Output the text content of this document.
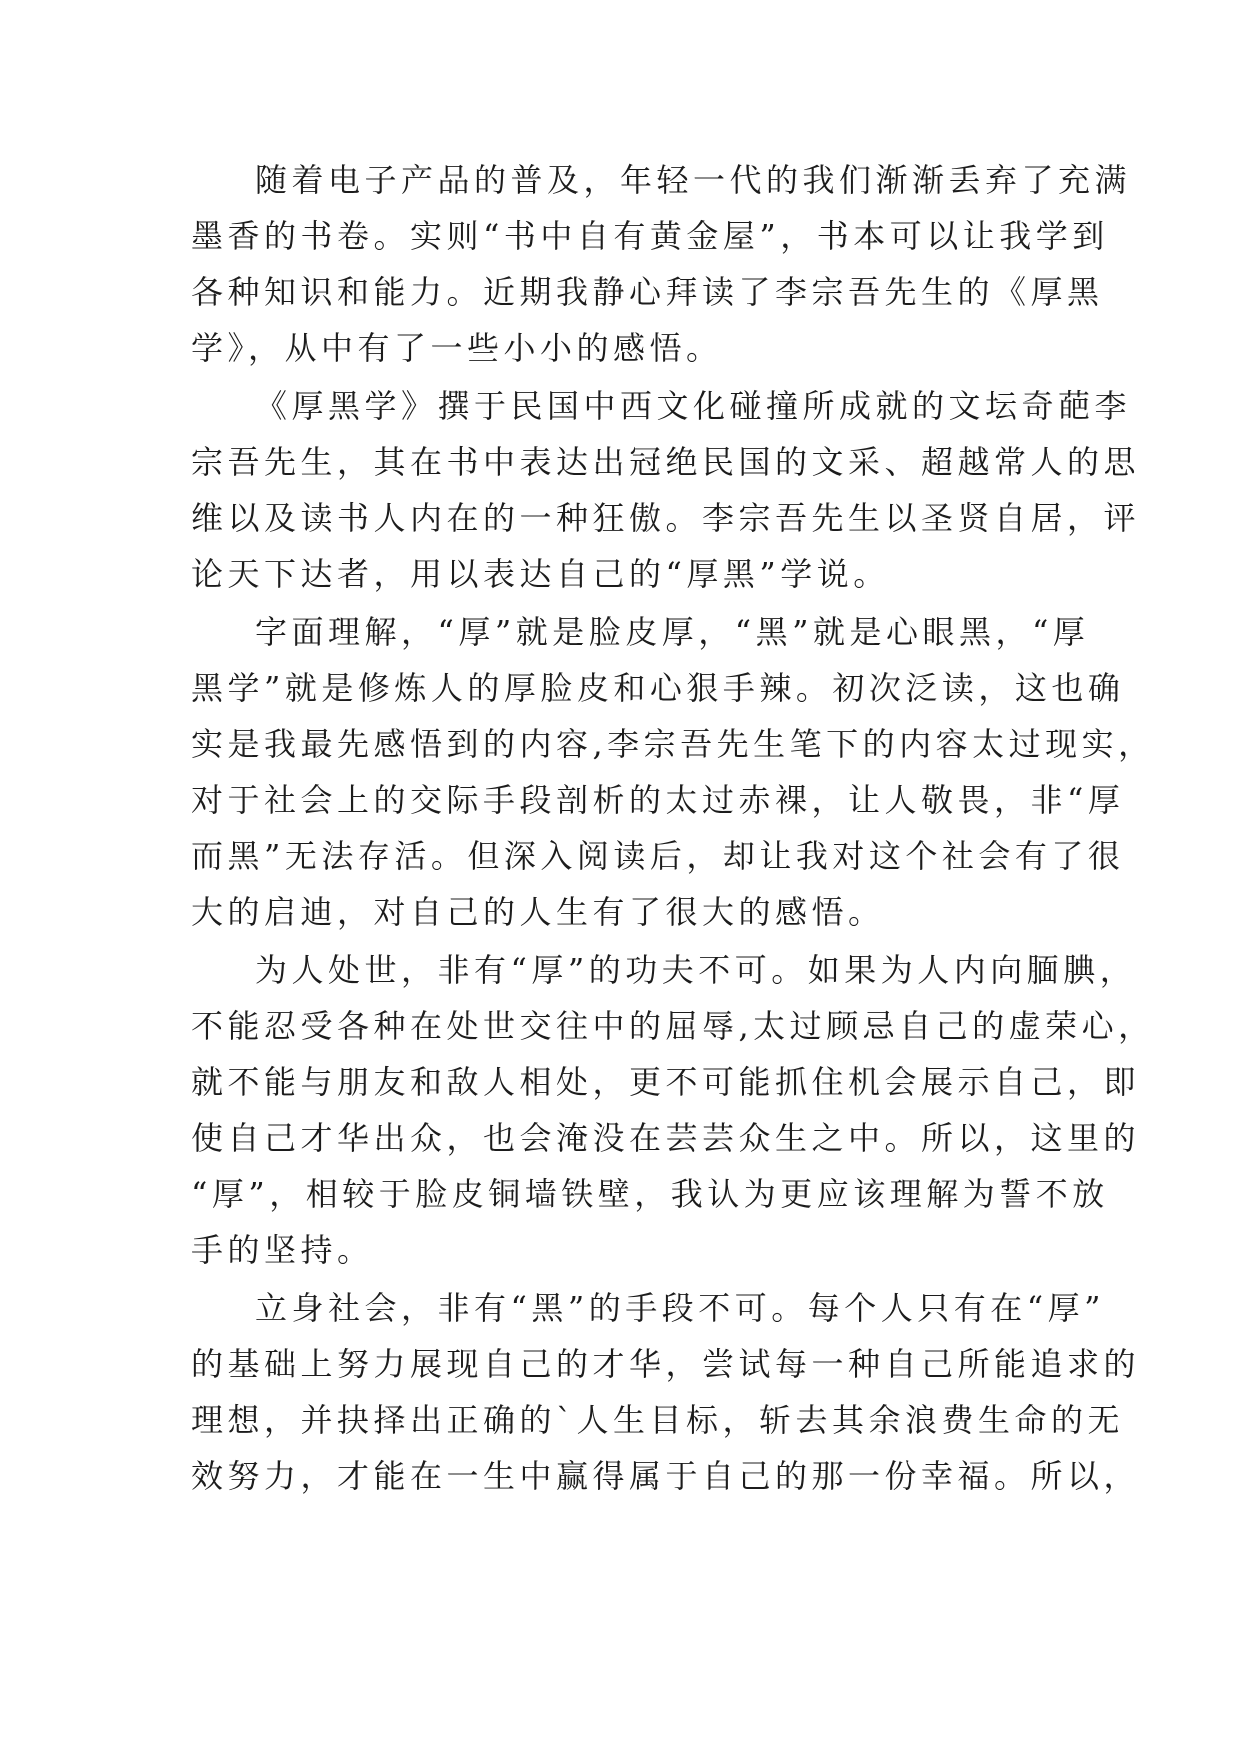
随着电子产品的普及，年轻一代的我们渐渐丢弃了充满
墨香的书卷。实则“书中自有黄金屋”，书本可以让我学到
各种知识和能力。近期我静心拜读了李宗吾先生的《厚黑
学》，从中有了一些小小的感悟。
《厚黑学》撰于民国中西文化碰撞所成就的文坛奇葩李
宗吾先生，其在书中表达出冠绝民国的文采、超越常人的思
维以及读书人内在的一种狂傲。李宗吾先生以圣贤自居，评
论天下达者，用以表达自己的“厚黑”学说。
字面理解，“厚”就是脸皮厚，“黑”就是心眼黑，“厚
黑学”就是修炼人的厚脸皮和心狠手辣。初次泛读，这也确
实是我最先感悟到的内容,李宗吾先生笔下的内容太过现实，
对于社会上的交际手段剖析的太过赤裸，让人敬畏，非“厚
而黑”无法存活。但深入阅读后，却让我对这个社会有了很
大的启迪，对自己的人生有了很大的感悟。
为人处世，非有“厚”的功夫不可。如果为人内向腼腆，
不能忍受各种在处世交往中的屈辱,太过顾忌自己的虚荣心，
就不能与朋友和敌人相处，更不可能抓住机会展示自己，即
使自己才华出众，也会淹没在芸芸众生之中。所以，这里的
“厚”，相较于脸皮铜墙铁壁，我认为更应该理解为誓不放
手的坚持。
立身社会，非有“黑”的手段不可。每个人只有在“厚”
的基础上努力展现自己的才华，尝试每一种自己所能追求的
理想，并抉择出正确的`人生目标，斩去其余浪费生命的无
效努力，才能在一生中赢得属于自己的那一份幸福。所以，
